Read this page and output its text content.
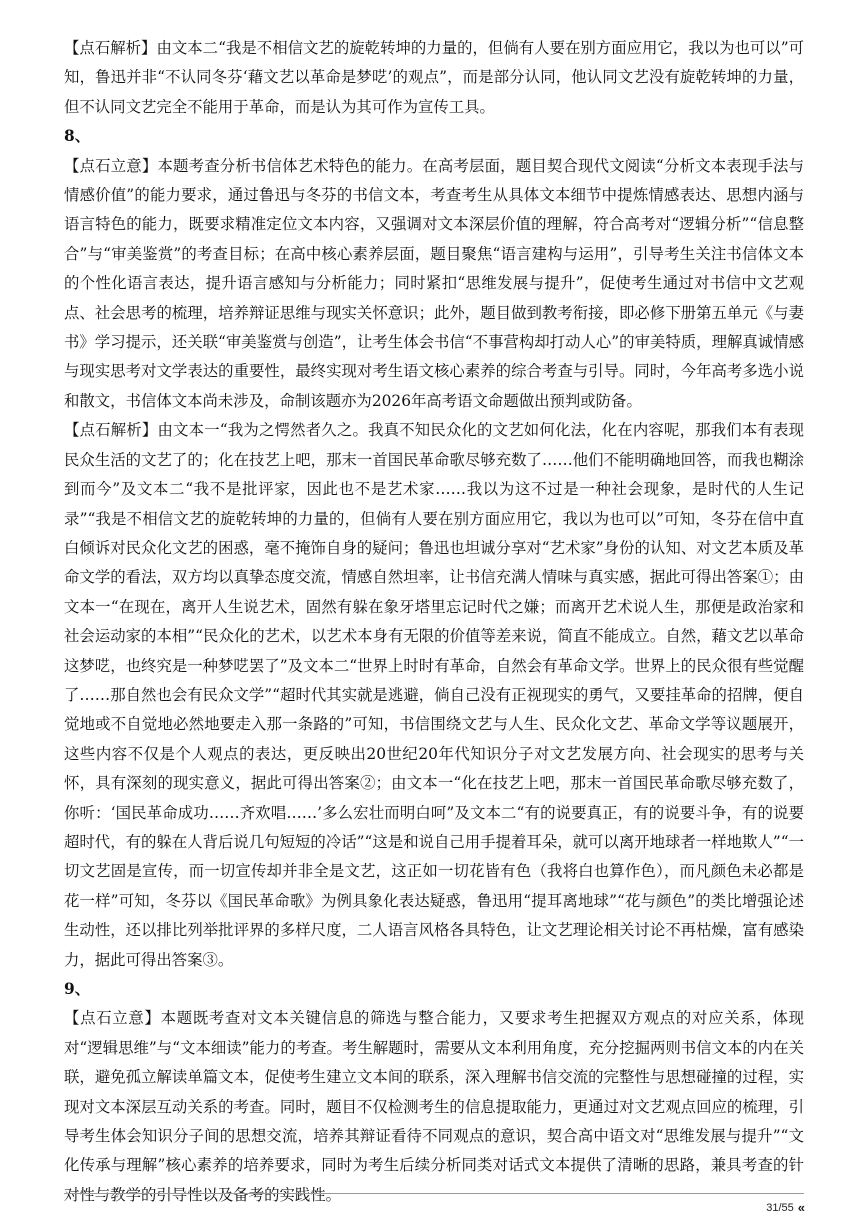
【点石解析】由文本二“我是不相信文艺的旋乾转坤的力量的，但倘有人要在别方面应用它，我以为也可以”可知，鲁迅并非“不认同冬芬‘藉文艺以革命是梦呓’的观点”，而是部分认同，他认同文艺没有旋乾转坤的力量，但不认同文艺完全不能用于革命，而是认为其可作为宣传工具。

8、

【点石立意】本题考查分析书信体艺术特色的能力。在高考层面，题目契合现代文阅读“分析文本表现手法与情感价值”的能力要求，通过鲁迅与冬芬的书信文本，考查考生从具体文本细节中提炼情感表达、思想内涵与语言特色的能力，既要求精准定位文本内容，又强调对文本深层价值的理解，符合高考对“逻辑分析”“信息整合”与“审美鉴赏”的考查目标；在高中核心素养层面，题目聚焦“语言建构与运用”，引导考生关注书信体文本的个性化语言表达，提升语言感知与分析能力；同时紧扣“思维发展与提升”，促使考生通过对书信中文艺观点、社会思考的梳理，培养辩证思维与现实关怀意识；此外，题目做到教考衔接，即必修下册第五单元《与妻书》学习提示，还关联“审美鉴赏与创造”，让考生体会书信“不事营构却打动人心”的审美特质，理解真诚情感与现实思考对文学表达的重要性，最终实现对考生语文核心素养的综合考查与引导。同时，今年高考多选小说和散文，书信体文本尚未涉及，命制该题亦为2026年高考语文命题做出预判或防备。

【点石解析】由文本一“我为之愕然者久之。我真不知民众化的文艺如何化法，化在内容呢，那我们本有表现民众生活的文艺了的；化在技艺上吧，那末一首国民革命歌尽够充数了……他们不能明确地回答，而我也糊涂到而今”及文本二“我不是批评家，因此也不是艺术家……我以为这不过是一种社会现象，是时代的人生记录”“我是不相信文艺的旋乾转坤的力量的，但倘有人要在别方面应用它，我以为也可以”可知，冬芬在信中直白倾诉对民众化文艺的困惑，毫不掩饰自身的疑问；鲁迅也坦诚分享对“艺术家”身份的认知、对文艺本质及革命文学的看法，双方均以真挚态度交流，情感自然坦率，让书信充满人情味与真实感，据此可得出答案①；由文本一“在现在，离开人生说艺术，固然有躲在象牙塔里忘记时代之嫌；而离开艺术说人生，那便是政治家和社会运动家的本相”“民众化的艺术，以艺术本身有无限的价值等差来说，简直不能成立。自然，藉文艺以革命这梦呓，也终究是一种梦呓罢了”及文本二“世界上时时有革命，自然会有革命文学。世界上的民众很有些觉醒了……那自然也会有民众文学”“超时代其实就是逃避，倘自己没有正视现实的勇气，又要挂革命的招牌，便自觉地或不自觉地必然地要走入那一条路的”可知，书信围绕文艺与人生、民众化文艺、革命文学等议题展开，这些内容不仅是个人观点的表达，更反映出20世纪20年代知识分子对文艺发展方向、社会现实的思考与关怀，具有深刻的现实意义，据此可得出答案②；由文本一“化在技艺上吧，那末一首国民革命歌尽够充数了，你听：‘国民革命成功……齐欢唱……’多么宏壮而明白呵”及文本二“有的说要真正，有的说要斗争，有的说要超时代，有的躲在人背后说几句短短的冷话”“这是和说自己用手提着耳朵，就可以离开地球者一样地欺人”“一切文艺固是宣传，而一切宣传却并非全是文艺，这正如一切花皆有色（我将白也算作色），而凡颜色未必都是花一样”可知，冬芬以《国民革命歌》为例具象化表达疑惑，鲁迅用“提耳离地球”“花与颜色”的类比增强论述生动性，还以排比列举批评界的多样尺度，二人语言风格各具特色，让文艺理论相关讨论不再枯燥，富有感染力，据此可得出答案③。

9、

【点石立意】本题既考查对文本关键信息的筛选与整合能力，又要求考生把握双方观点的对应关系，体现对“逻辑思维”与“文本细读”能力的考查。考生解题时，需要从文本利用角度，充分挖掘两则书信文本的内在关联，避免孤立解读单篇文本，促使考生建立文本间的联系，深入理解书信交流的完整性与思想碰撞的过程，实现对文本深层互动关系的考查。同时，题目不仅检测考生的信息提取能力，更通过对文艺观点回应的梳理，引导考生体会知识分子间的思想交流，培养其辩证看待不同观点的意识，契合高中语文对“思维发展与提升”“文化传承与理解”核心素养的培养要求，同时为考生后续分析同类对话式文本提供了清晰的思路，兼具考查的针对性与教学的引导性以及备考的实践性。

31/55 «
